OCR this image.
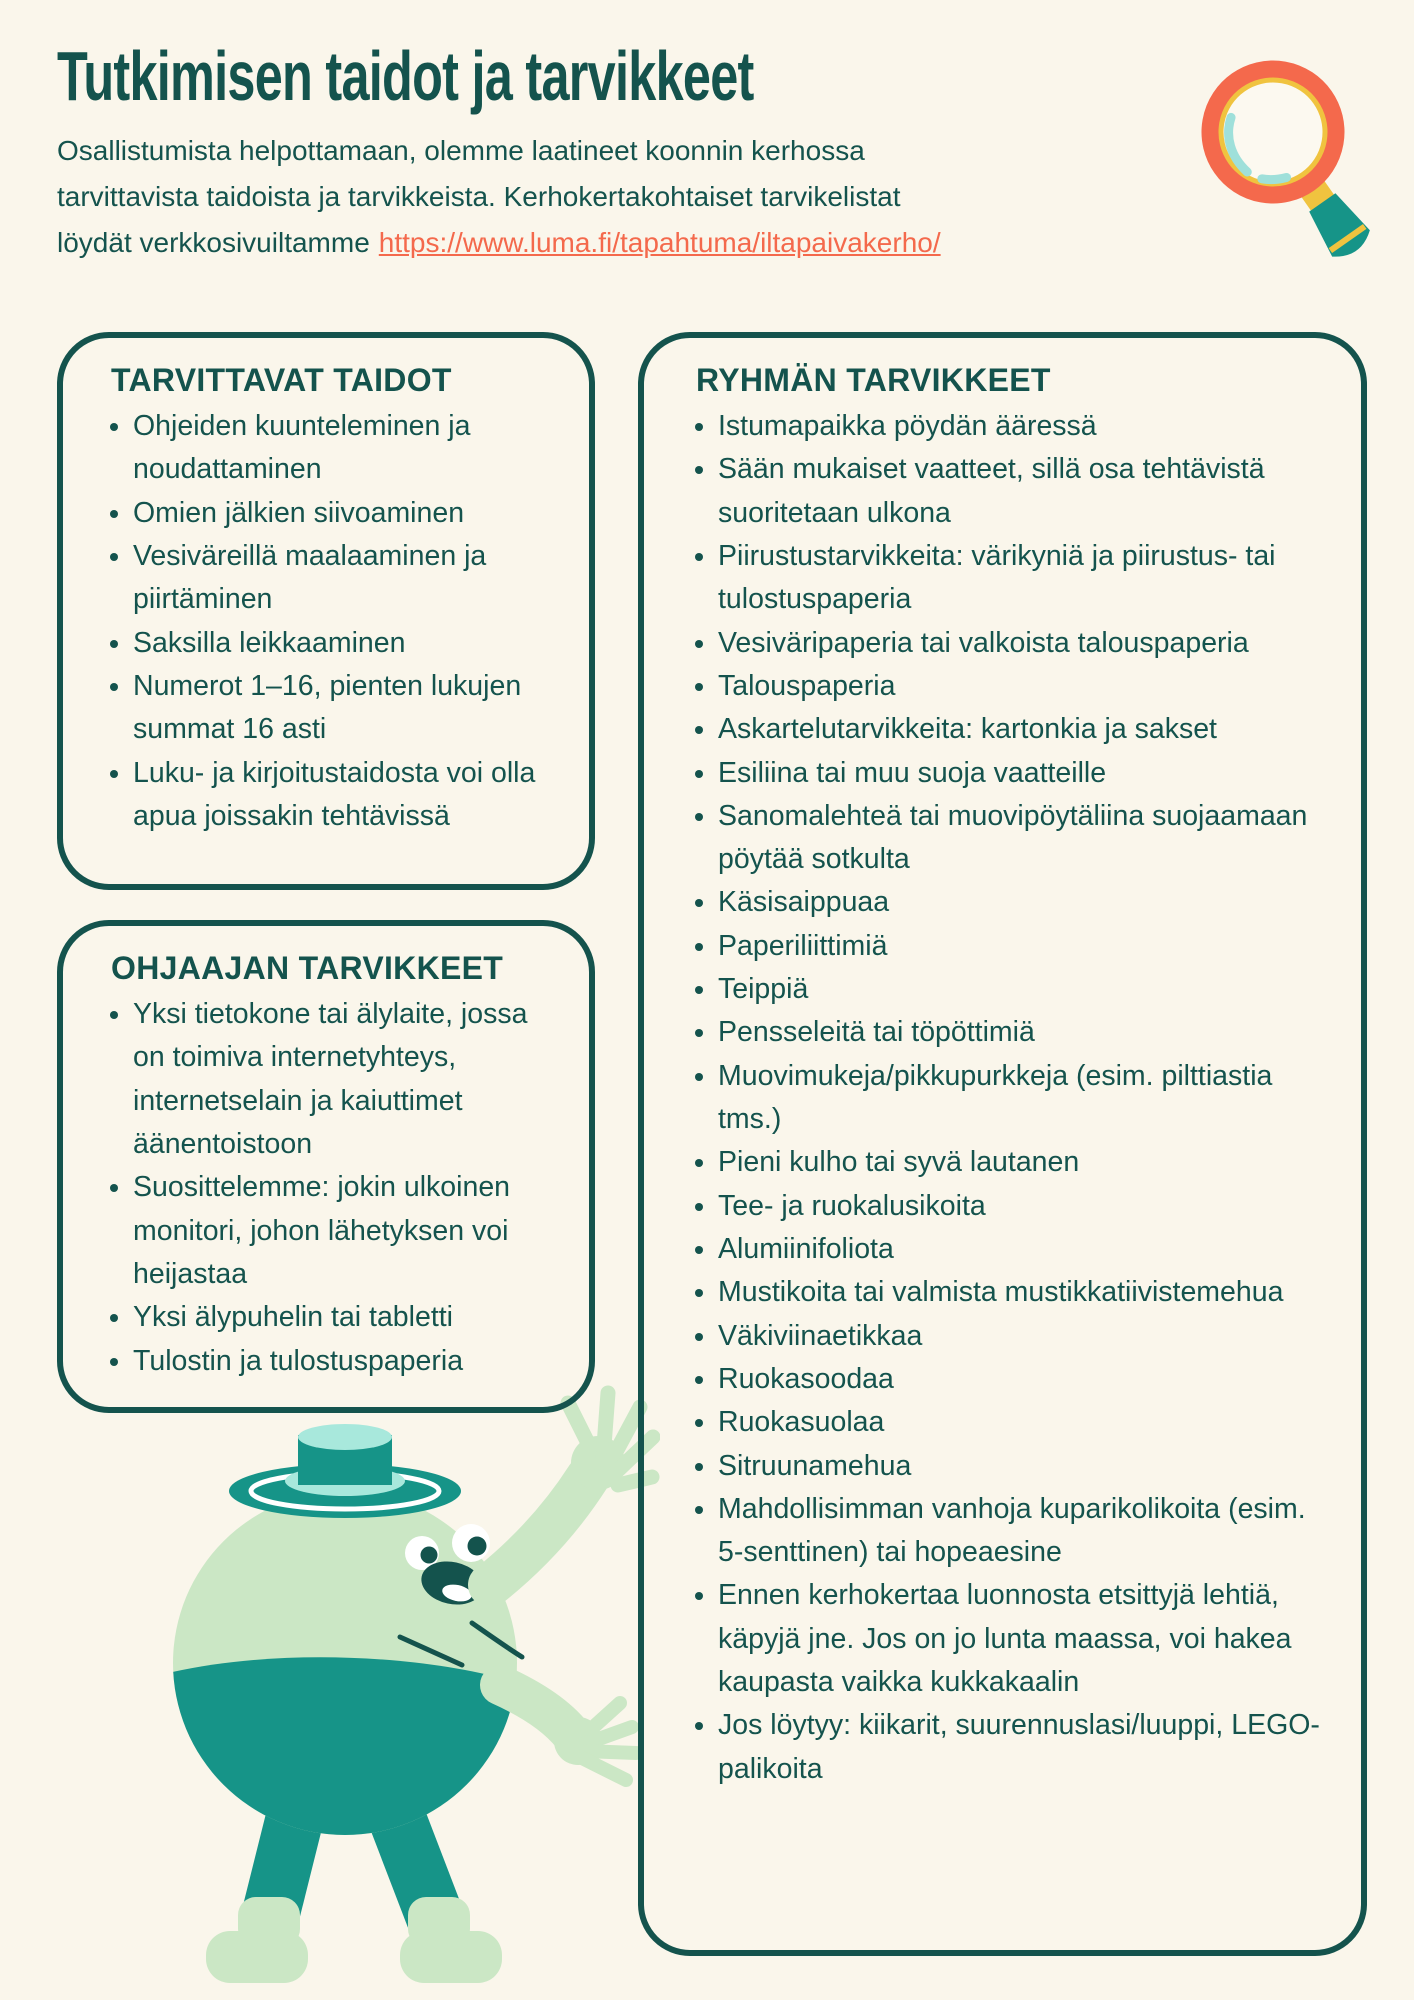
Tutkimisen taidot ja tarvikkeet
Osallistumista helpottamaan, olemme laatineet koonnin kerhossa
tarvittavista taidoista ja tarvikkeista. Kerhokertakohtaiset tarvikelistat
löydät verkkosivuiltamme https://www.luma.fi/tapahtuma/iltapaivakerho/
TARVITTAVAT TAIDOT
• Ohjeiden kuunteleminen ja noudattaminen
• Omien jälkien siivoaminen
• Vesiväreillä maalaaminen ja piirtäminen
• Saksilla leikkaaminen
• Numerot 1–16, pienten lukujen summat 16 asti
• Luku- ja kirjoitustaidosta voi olla apua joissakin tehtävissä
OHJAAJAN TARVIKKEET
• Yksi tietokone tai älylaite, jossa on toimiva internetyhteys, internetselain ja kaiuttimet äänentoistoon
• Suosittelemme: jokin ulkoinen monitori, johon lähetyksen voi heijastaa
• Yksi älypuhelin tai tabletti
• Tulostin ja tulostuspaperia
RYHMÄN TARVIKKEET
• Istumapaikka pöydän ääressä
• Sään mukaiset vaatteet, sillä osa tehtävistä suoritetaan ulkona
• Piirustustarvikkeita: värikyniä ja piirustus- tai tulostuspaperia
• Vesiväripaperia tai valkoista talouspaperia
• Talouspaperia
• Askartelutarvikkeita: kartonkia ja sakset
• Esiliina tai muu suoja vaatteille
• Sanomalehteä tai muovipöytäliina suojaamaan pöytää sotkulta
• Käsisaippuaa
• Paperiliittimiä
• Teippiä
• Pensseleitä tai töpöttimiä
• Muovimukeja/pikkupurkkeja (esim. pilttiastia tms.)
• Pieni kulho tai syvä lautanen
• Tee- ja ruokalusikoita
• Alumiinifoliota
• Mustikoita tai valmista mustikkatiivistemehua
• Väkiviinaetikkaa
• Ruokasoodaa
• Ruokasuolaa
• Sitruunamehua
• Mahdollisimman vanhoja kuparikolikoita (esim. 5-senttinen) tai hopeaesine
• Ennen kerhokertaa luonnosta etsittyjä lehtiä, käpyjä jne. Jos on jo lunta maassa, voi hakea kaupasta vaikka kukkakaalin
• Jos löytyy: kiikarit, suurennuslasi/luuppi, LEGO-palikoita
